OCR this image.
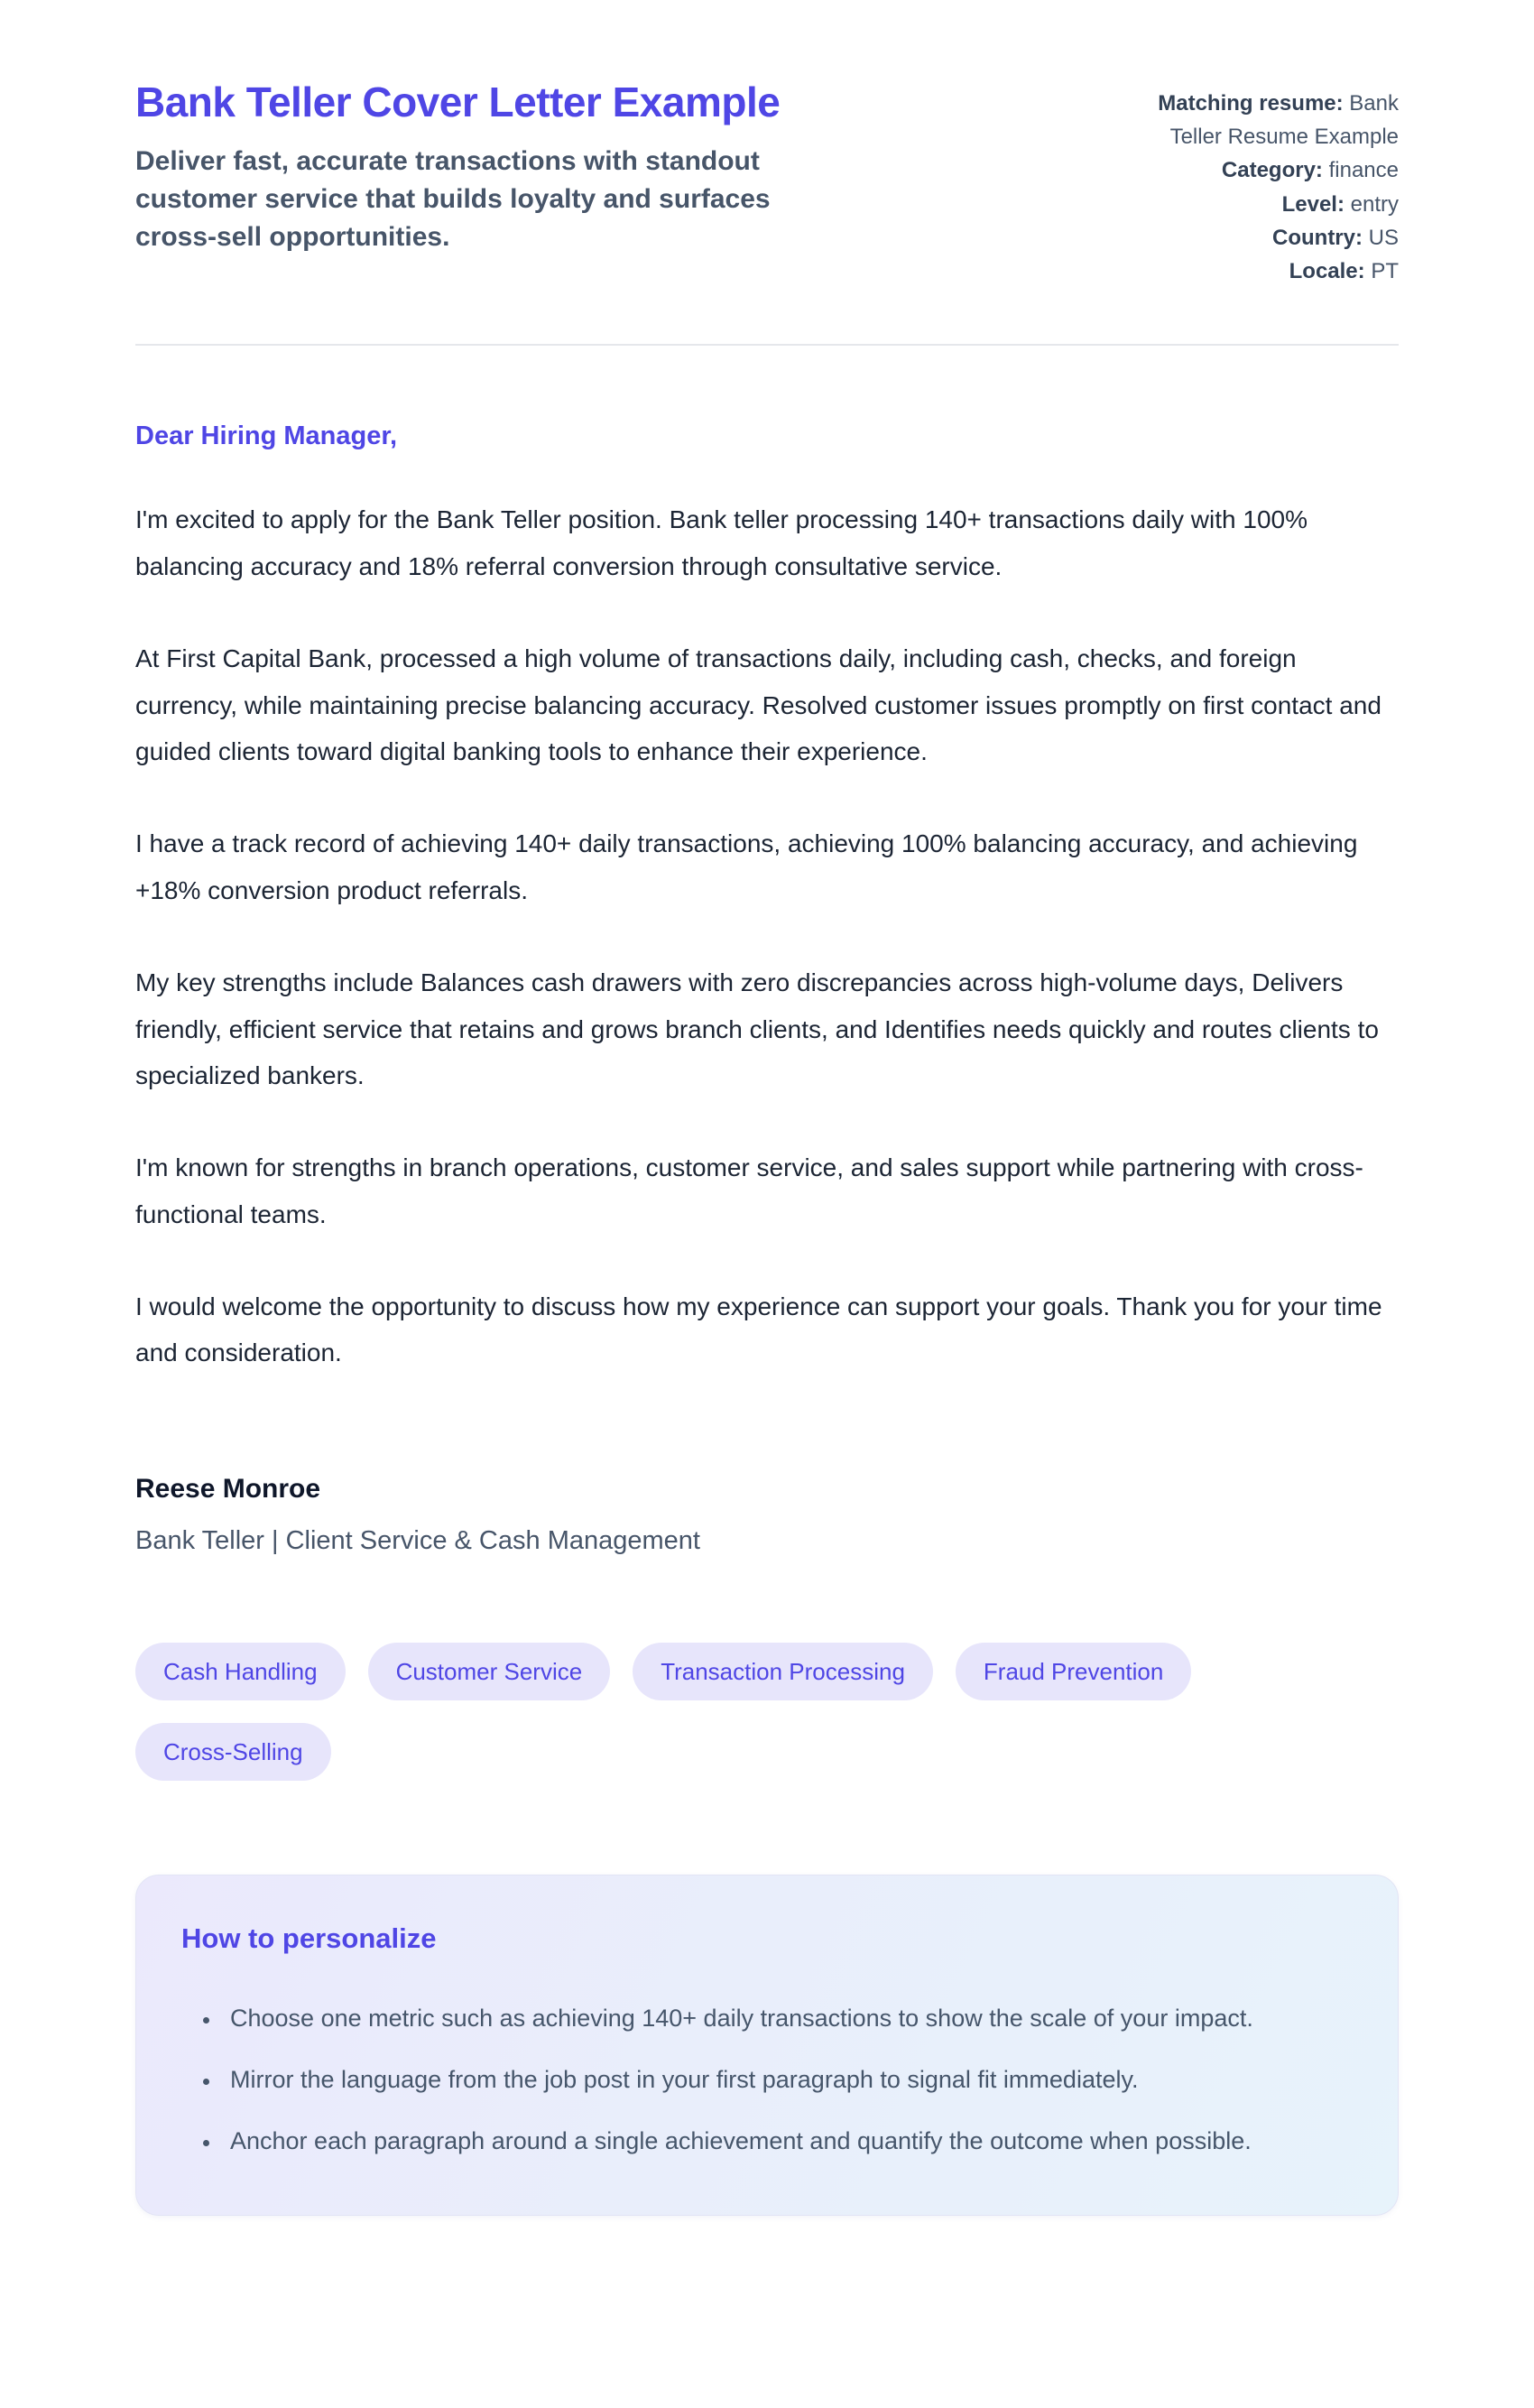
Bank Teller Cover Letter Example

Deliver fast, accurate transactions with standout customer service that builds loyalty and surfaces cross-sell opportunities.

Matching resume: Bank Teller Resume Example
Category: finance
Level: entry
Country: US
Locale: PT

Dear Hiring Manager,

I'm excited to apply for the Bank Teller position. Bank teller processing 140+ transactions daily with 100% balancing accuracy and 18% referral conversion through consultative service.

At First Capital Bank, processed a high volume of transactions daily, including cash, checks, and foreign currency, while maintaining precise balancing accuracy. Resolved customer issues promptly on first contact and guided clients toward digital banking tools to enhance their experience.

I have a track record of achieving 140+ daily transactions, achieving 100% balancing accuracy, and achieving +18% conversion product referrals.

My key strengths include Balances cash drawers with zero discrepancies across high-volume days, Delivers friendly, efficient service that retains and grows branch clients, and Identifies needs quickly and routes clients to specialized bankers.

I'm known for strengths in branch operations, customer service, and sales support while partnering with cross-functional teams.

I would welcome the opportunity to discuss how my experience can support your goals. Thank you for your time and consideration.

Reese Monroe

Bank Teller | Client Service & Cash Management

Cash Handling	Customer Service	Transaction Processing	Fraud Prevention
Cross-Selling
How to personalize
• Choose one metric such as achieving 140+ daily transactions to show the scale of your impact.
• Mirror the language from the job post in your first paragraph to signal fit immediately.
• Anchor each paragraph around a single achievement and quantify the outcome when possible.
